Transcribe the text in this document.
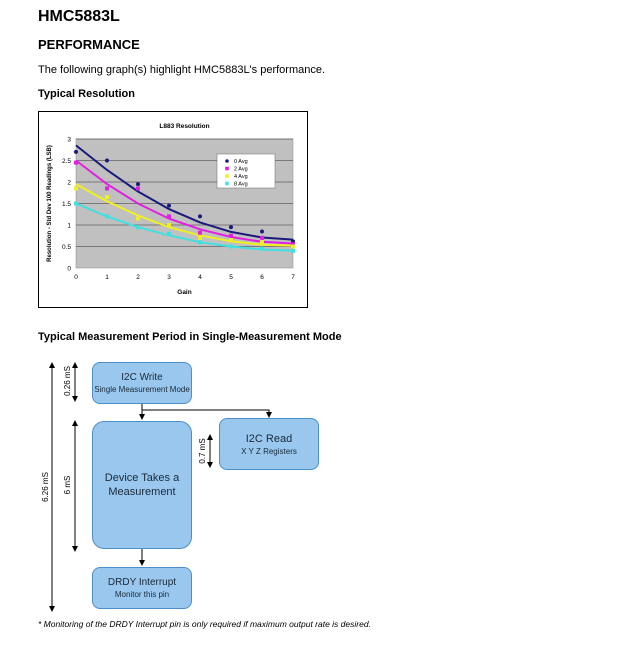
HMC5883L
PERFORMANCE
The following graph(s) highlight HMC5883L's performance.
Typical Resolution
0
0.5
1
1.5
2
2.5
3
0	1	2	3	4	5	6	7
L883 Resolution
Gain
Resolution - Std Dev 100 Readings (LSB)	0 Avg
2 Avg
4 Avg
8 Avg
Typical Measurement Period in Single-Measurement Mode
6.26 mS
0.26 mS
6 mS
0.7 mS
I2C Write
Single Measurement Mode
I2C Read
X Y Z Registers
Device Takes a Measurement
DRDY Interrupt
Monitor this pin
* Monitoring of the DRDY Interrupt pin is only required if maximum output rate is desired.
